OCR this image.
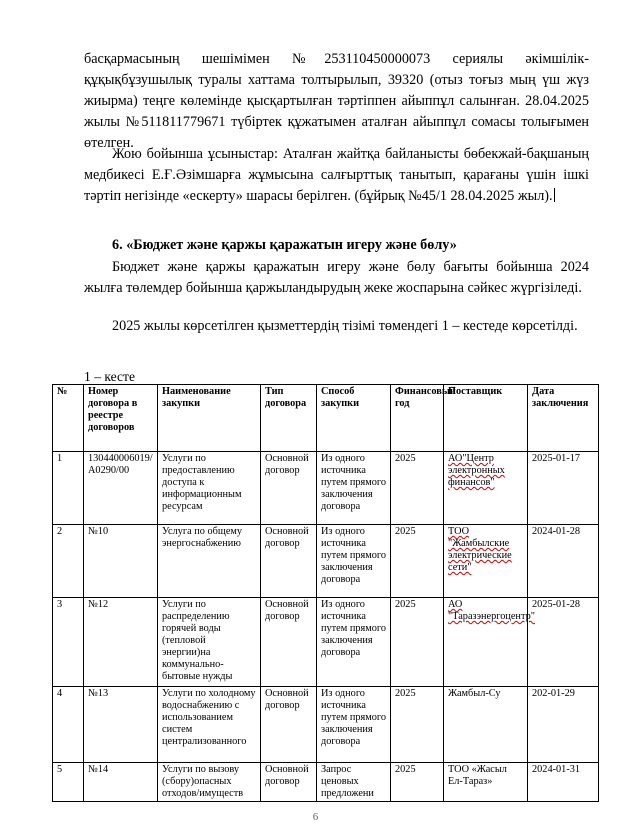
басқармасының шешімімен №253110450000073 сериялы әкімшілік-құқықбұзушылық туралы хаттама толтырылып, 39320 (отыз тоғыз мың үш жүз жиырма) теңге көлемінде қысқартылған тәртіппен айыппұл салынған. 28.04.2025 жылы №511811779671 түбіртек құжатымен аталған айыппұл сомасы толығымен өтелген.

Жою бойынша ұсыныстар: Аталған жайтқа байланысты бөбекжай-бақшаның медбикесі Е.Ғ.Әзімшарға жұмысына салғырттық танытып, қарағаны үшін ішкі тәртіп негізінде «ескерту» шарасы берілген. (бұйрық №45/1 28.04.2025 жыл).

6. «Бюджет және қаржы қаражатын игеру және бөлу»

Бюджет және қаржы қаражатын игеру және бөлу бағыты бойынша 2024 жылға төлемдер бойынша қаржыландырудың жеке жоспарына сәйкес жүргізіледі.

2025 жылы көрсетілген қызметтердің тізімі төмендегі 1 – кестеде көрсетілді.

1 – кесте
№	Номер договора в реестре договоров	Наименование закупки	Тип договора	Способ закупки	Финансовый год	Поставщик	Дата заключения
1	130440006019/А0290/00	Услуги по предоставлению доступа к информационным ресурсам	Основной договор	Из одного источника путем прямого заключения договора	2025	АО"Центр электронных финансов"	2025-01-17
2	№10	Услуга по общему энергоснабжению	Основной договор	Из одного источника путем прямого заключения договора	2025	ТОО "Жамбылские электрические сети"	2024-01-28
3	№12	Услуги по распределению горячей воды (тепловой энергии)на коммунально-бытовые нужды	Основной договор	Из одного источника путем прямого заключения договора	2025	АО "Таразэнергоцентр"	2025-01-28
4	№13	Услуги по холодному водоснабжению с использованием систем централизованного	Основной договор	Из одного источника путем прямого заключения договора	2025	Жамбыл-Су	202-01-29
5	№14	Услуги по вызову (сбору)опасных отходов/имуществ	Основной договор	Запрос ценовых предложени	2025	ТОО «Жасыл Ел-Тараз»	2024-01-31
6
